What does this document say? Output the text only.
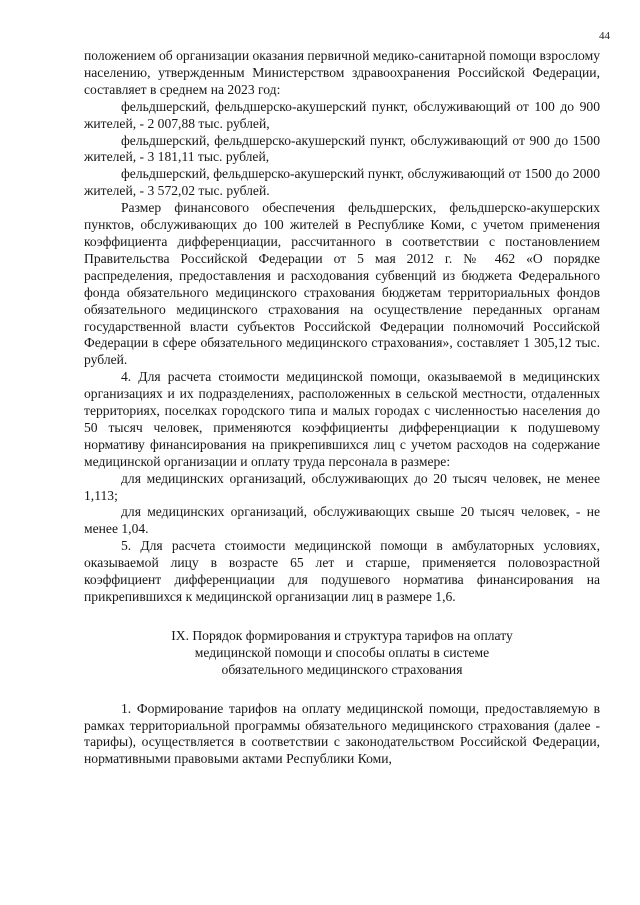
44

положением об организации оказания первичной медико-санитарной помощи взрослому населению, утвержденным Министерством здравоохранения Российской Федерации, составляет в среднем на 2023 год:

фельдшерский, фельдшерско-акушерский пункт, обслуживающий от 100 до 900 жителей, - 2 007,88 тыс. рублей,

фельдшерский, фельдшерско-акушерский пункт, обслуживающий от 900 до 1500 жителей, - 3 181,11 тыс. рублей,

фельдшерский, фельдшерско-акушерский пункт, обслуживающий от 1500 до 2000 жителей, - 3 572,02 тыс. рублей.

Размер финансового обеспечения фельдшерских, фельдшерско-акушерских пунктов, обслуживающих до 100 жителей в Республике Коми, с учетом применения коэффициента дифференциации, рассчитанного в соответствии с постановлением Правительства Российской Федерации от 5 мая 2012 г. № 462 «О порядке распределения, предоставления и расходования субвенций из бюджета Федерального фонда обязательного медицинского страхования бюджетам территориальных фондов обязательного медицинского страхования на осуществление переданных органам государственной власти субъектов Российской Федерации полномочий Российской Федерации в сфере обязательного медицинского страхования», составляет 1 305,12 тыс. рублей.

4. Для расчета стоимости медицинской помощи, оказываемой в медицинских организациях и их подразделениях, расположенных в сельской местности, отдаленных территориях, поселках городского типа и малых городах с численностью населения до 50 тысяч человек, применяются коэффициенты дифференциации к подушевому нормативу финансирования на прикрепившихся лиц с учетом расходов на содержание медицинской организации и оплату труда персонала в размере:

для медицинских организаций, обслуживающих до 20 тысяч человек, не менее 1,113;

для медицинских организаций, обслуживающих свыше 20 тысяч человек, - не менее 1,04.

5. Для расчета стоимости медицинской помощи в амбулаторных условиях, оказываемой лицу в возрасте 65 лет и старше, применяется половозрастной коэффициент дифференциации для подушевого норматива финансирования на прикрепившихся к медицинской организации лиц в размере 1,6.

IX. Порядок формирования и структура тарифов на оплату

медицинской помощи и способы оплаты в системе

обязательного медицинского страхования

1. Формирование тарифов на оплату медицинской помощи, предоставляемую в рамках территориальной программы обязательного медицинского страхования (далее - тарифы), осуществляется в соответствии с законодательством Российской Федерации, нормативными правовыми актами Республики Коми,
